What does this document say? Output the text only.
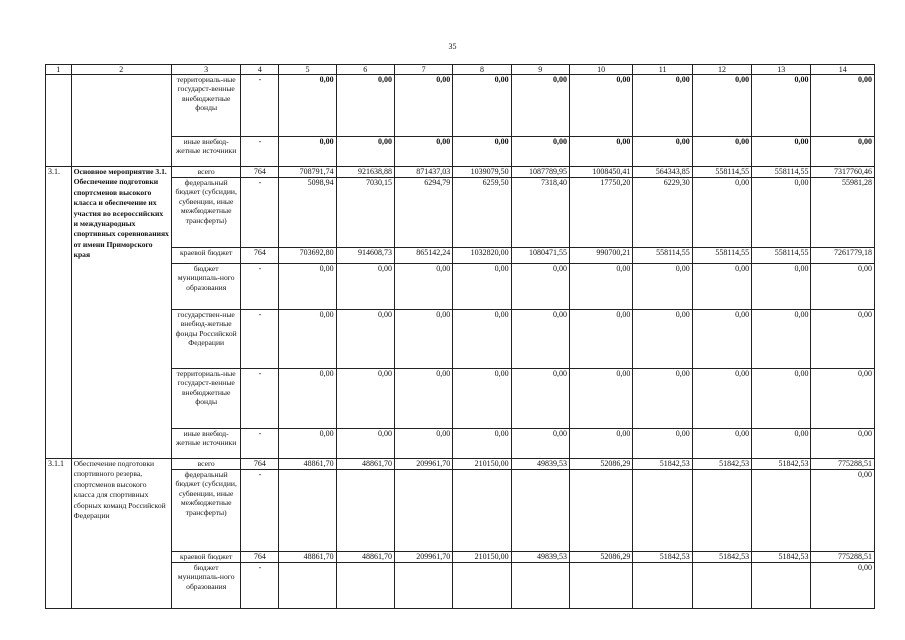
35
1	2	3	4	5	6	7	8	9	10	11	12	13	14
		территориаль-ные государст-венные внебюджетные фонды	-	0,00	0,00	0,00	0,00	0,00	0,00	0,00	0,00	0,00	0,00
		иные внебюд-жетные источники	-	0,00	0,00	0,00	0,00	0,00	0,00	0,00	0,00	0,00	0,00
3.1.	Основное мероприятие 3.1. Обеспечение подготовки спортсменов высокого класса и обеспечение их участия во всероссийских и международных спортивных соревнованиях от имени Приморского края	всего	764	708791,74	921638,88	871437,03	1039079,50	1087789,95	1008450,41	564343,85	558114,55	558114,55	7317760,46
		федеральный бюджет (субсидии, субвенции, иные межбюджетные трансферты)	-	5098,94	7030,15	6294,79	6259,50	7318,40	17750,20	6229,30	0,00	0,00	55981,28
		краевой бюджет	764	703692,80	914608,73	865142,24	1032820,00	1080471,55	990700,21	558114,55	558114,55	558114,55	7261779,18
		бюджет муниципаль-ного образования	-	0,00	0,00	0,00	0,00	0,00	0,00	0,00	0,00	0,00	0,00
		государствен-ные внебюд-жетные фонды Российской Федерации	-	0,00	0,00	0,00	0,00	0,00	0,00	0,00	0,00	0,00	0,00
		территориаль-ные государст-венные внебюджетные фонды	-	0,00	0,00	0,00	0,00	0,00	0,00	0,00	0,00	0,00	0,00
		иные внебюд-жетные источники	-	0,00	0,00	0,00	0,00	0,00	0,00	0,00	0,00	0,00	0,00
3.1.1	Обеспечение подготовки спортивного резерва, спортсменов высокого класса для спортивных сборных команд Российской Федерации	всего	764	48861,70	48861,70	209961,70	210150,00	49839,53	52086,29	51842,53	51842,53	51842,53	775288,51
		федеральный бюджет (субсидии, субвенции, иные межбюджетные трансферты)	-										0,00
		краевой бюджет	764	48861,70	48861,70	209961,70	210150,00	49839,53	52086,29	51842,53	51842,53	51842,53	775288,51
		бюджет муниципаль-ного образования	-										0,00
